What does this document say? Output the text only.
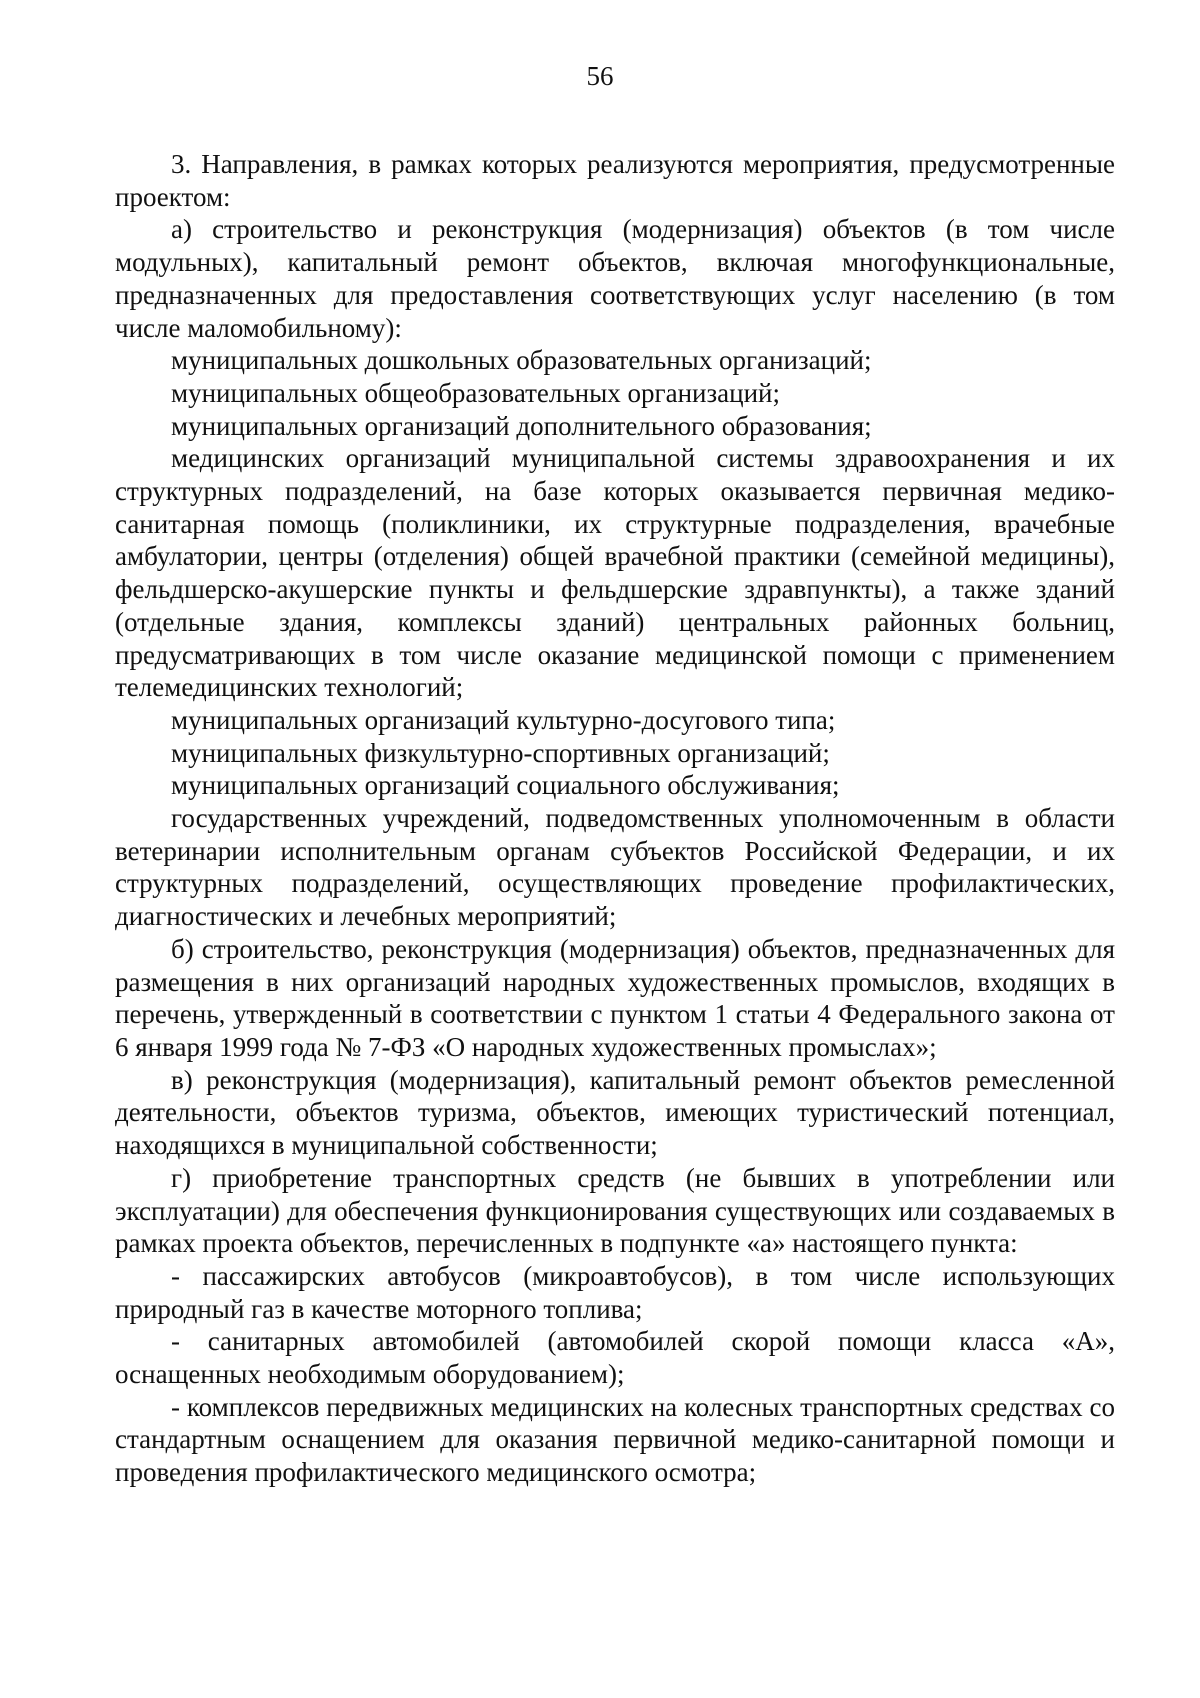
56

3. Направления, в рамках которых реализуются мероприятия, предусмотренные проектом:

а) строительство и реконструкция (модернизация) объектов (в том числе модульных), капитальный ремонт объектов, включая многофункциональные, предназначенных для предоставления соответствующих услуг населению (в том числе маломобильному):

муниципальных дошкольных образовательных организаций;

муниципальных общеобразовательных организаций;

муниципальных организаций дополнительного образования;

медицинских организаций муниципальной системы здравоохранения и их структурных подразделений, на базе которых оказывается первичная медико-санитарная помощь (поликлиники, их структурные подразделения, врачебные амбулатории, центры (отделения) общей врачебной практики (семейной медицины), фельдшерско-акушерские пункты и фельдшерские здравпункты), а также зданий (отдельные здания, комплексы зданий) центральных районных больниц, предусматривающих в том числе оказание медицинской помощи с применением телемедицинских технологий;

муниципальных организаций культурно-досугового типа;

муниципальных физкультурно-спортивных организаций;

муниципальных организаций социального обслуживания;

государственных учреждений, подведомственных уполномоченным в области ветеринарии исполнительным органам субъектов Российской Федерации, и их структурных подразделений, осуществляющих проведение профилактических, диагностических и лечебных мероприятий;

б) строительство, реконструкция (модернизация) объектов, предназначенных для размещения в них организаций народных художественных промыслов, входящих в перечень, утвержденный в соответствии с пунктом 1 статьи 4 Федерального закона от 6 января 1999 года № 7-ФЗ «О народных художественных промыслах»;

в) реконструкция (модернизация), капитальный ремонт объектов ремесленной деятельности, объектов туризма, объектов, имеющих туристический потенциал, находящихся в муниципальной собственности;

г) приобретение транспортных средств (не бывших в употреблении или эксплуатации) для обеспечения функционирования существующих или создаваемых в рамках проекта объектов, перечисленных в подпункте «а» настоящего пункта:

- пассажирских автобусов (микроавтобусов), в том числе использующих природный газ в качестве моторного топлива;

- санитарных автомобилей (автомобилей скорой помощи класса «А», оснащенных необходимым оборудованием);

- комплексов передвижных медицинских на колесных транспортных средствах со стандартным оснащением для оказания первичной медико-санитарной помощи и проведения профилактического медицинского осмотра;
